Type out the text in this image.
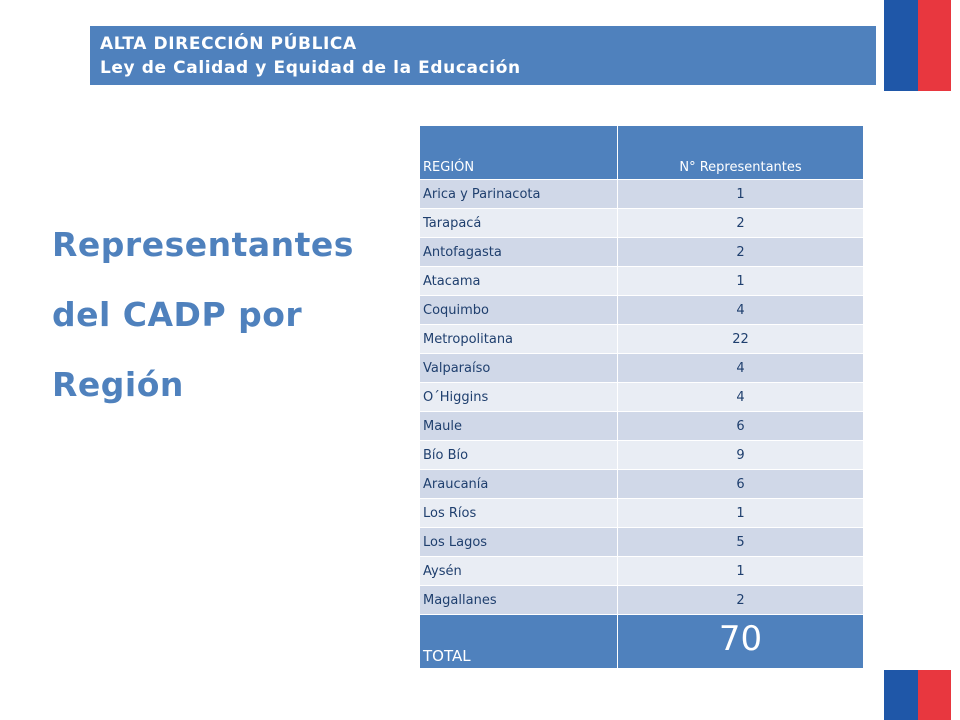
ALTA DIRECCIÓN PÚBLICA
Ley de Calidad y Equidad de la Educación
Representantes
del CADP por
Región
REGIÓN	N° Representantes
Arica y Parinacota	1
Tarapacá	2
Antofagasta	2
Atacama	1
Coquimbo	4
Metropolitana	22
Valparaíso	4
O´Higgins	4
Maule	6
Bío Bío	9
Araucanía	6
Los Ríos	1
Los Lagos	5
Aysén	1
Magallanes	2
TOTAL	70
